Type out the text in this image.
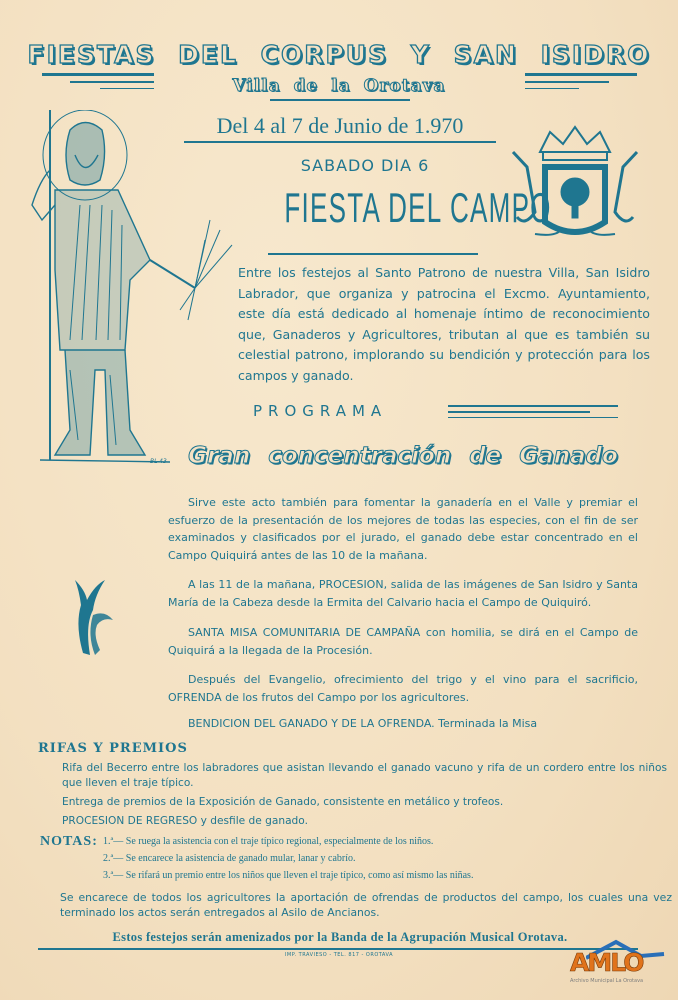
FIESTAS DEL CORPUS Y SAN ISIDRO
Villa de la Orotava
Del 4 al 7 de Junio de 1.970
SABADO DIA 6
FIESTA DEL CAMPO
BL-43
Entre los festejos al Santo Patrono de nuestra Villa, San Isidro Labrador, que organiza y patrocina el Excmo. Ayuntamiento, este día está dedicado al homenaje íntimo de reconocimiento que, Ganaderos y Agricultores, tributan al que es también su celestial patrono, implorando su bendición y protección para los campos y ganado.
PROGRAMA
Gran concentración de Ganado
Sirve este acto también para fomentar la ganadería en el Valle y premiar el esfuerzo de la presentación de los mejores de todas las especies, con el fin de ser examinados y clasificados por el jurado, el ganado debe estar concentrado en el Campo Quiquirá antes de las 10 de la mañana.
A las 11 de la mañana, PROCESION, salida de las imágenes de San Isidro y Santa María de la Cabeza desde la Ermita del Calvario hacia el Campo de Quiquiró.
SANTA MISA COMUNITARIA DE CAMPAÑA con homilia, se dirá en el Campo de Quiquirá a la llegada de la Procesión.
Después del Evangelio, ofrecimiento del trigo y el vino para el sacrificio, OFRENDA de los frutos del Campo por los agricultores.
BENDICION DEL GANADO Y DE LA OFRENDA. Terminada la Misa
RIFAS Y PREMIOS
Rifa del Becerro entre los labradores que asistan llevando el ganado vacuno y rifa de un cordero entre los niños que lleven el traje típico.
Entrega de premios de la Exposición de Ganado, consistente en metálico y trofeos.
PROCESION DE REGRESO y desfile de ganado.
NOTAS: 1.ª— Se ruega la asistencia con el traje típico regional, especialmente de los niños.
2.ª— Se encarece la asistencia de ganado mular, lanar y cabrío.
3.ª— Se rifará un premio entre los niños que lleven el traje típico, como así mismo las niñas.
Se encarece de todos los agricultores la aportación de ofrendas de productos del campo, los cuales una vez terminado los actos serán entregados al Asilo de Ancianos.
Estos festejos serán amenizados por la Banda de la Agrupación Musical Orotava.
IMP. TRAVIESO - TEL. 817 - OROTAVA	AMLO
Archivo Municipal La Orotava
